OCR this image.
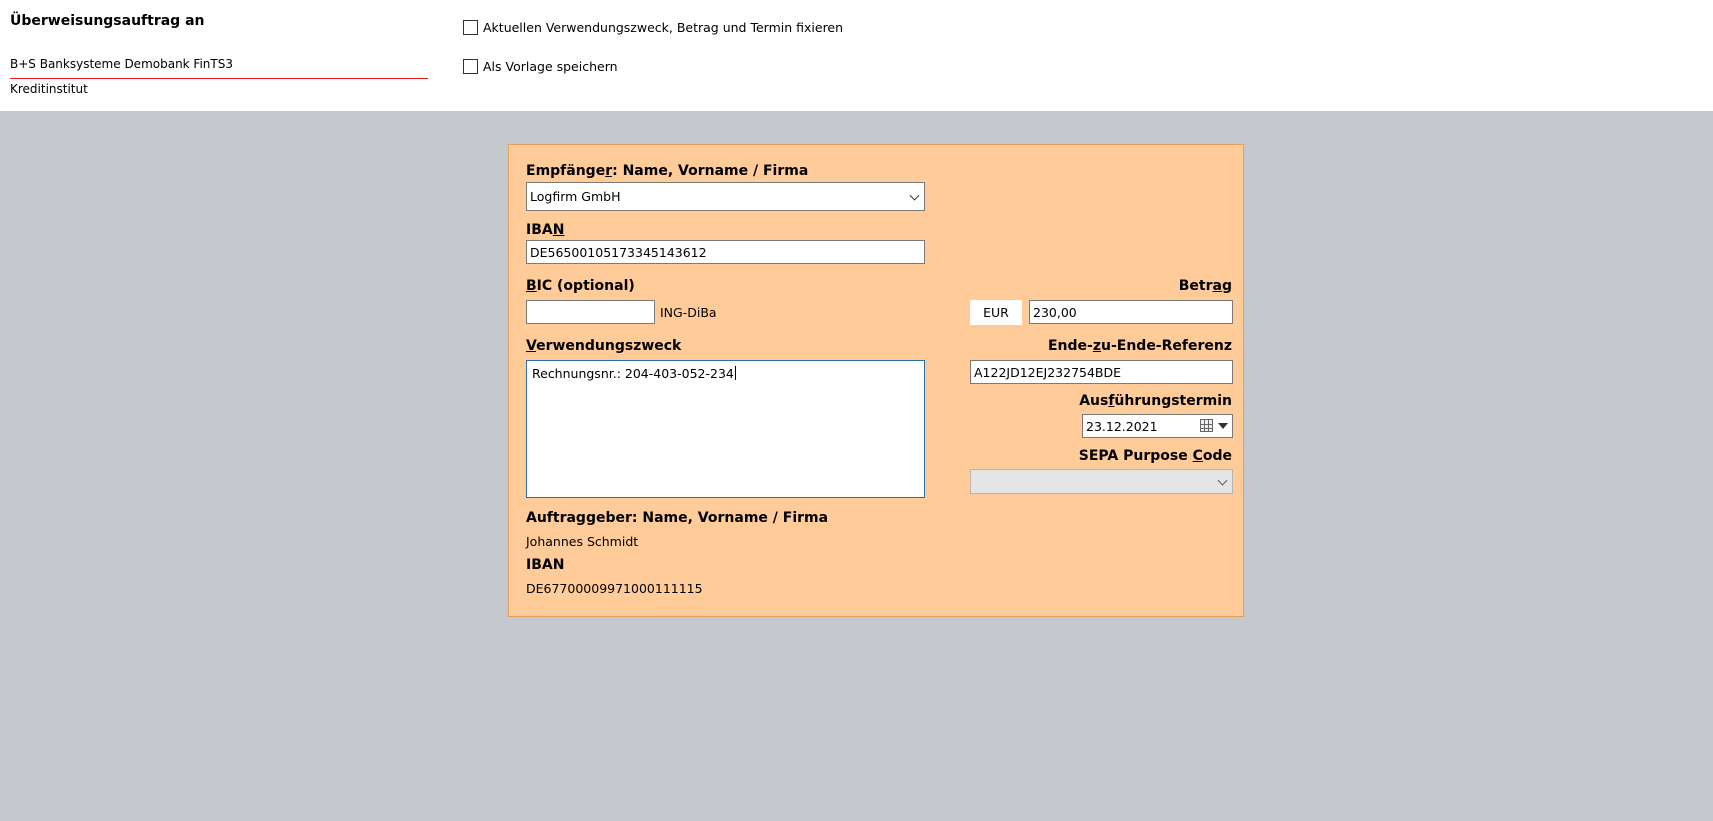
Überweisungsauftrag an
B+S Banksysteme Demobank FinTS3
Kreditinstitut
Aktuellen Verwendungszweck, Betrag und Termin fixieren
Als Vorlage speichern
Empfänger: Name, Vorname / Firma
Logfirm GmbH
IBAN
DE56500105173345143612
BIC (optional)
ING-DiBa
Betrag
EUR	230,00
Verwendungszweck
Rechnungsnr.: 204-403-052-234
Ende-zu-Ende-Referenz
A122JD12EJ232754BDE
Ausführungstermin
23.12.2021
SEPA Purpose Code
Auftraggeber: Name, Vorname / Firma
Johannes Schmidt
IBAN
DE67700009971000111115
